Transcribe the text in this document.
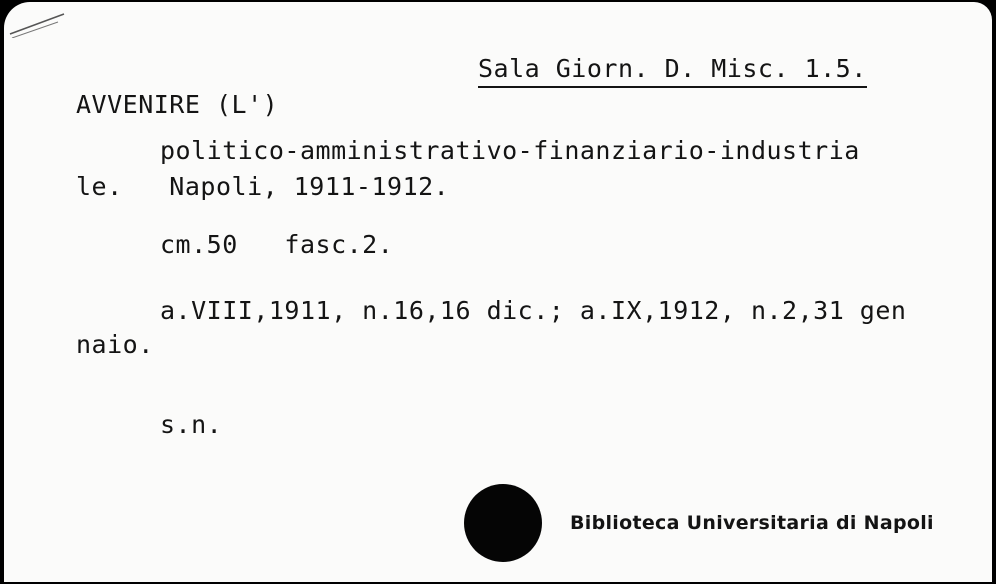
Sala Giorn. D. Misc. 1.5.
AVVENIRE (L')
politico-amministrativo-finanziario-industria
le.   Napoli, 1911-1912.
cm.50   fasc.2.
a.VIII,1911, n.16,16 dic.; a.IX,1912, n.2,31 gen
naio.
s.n.
Biblioteca Universitaria di Napoli
